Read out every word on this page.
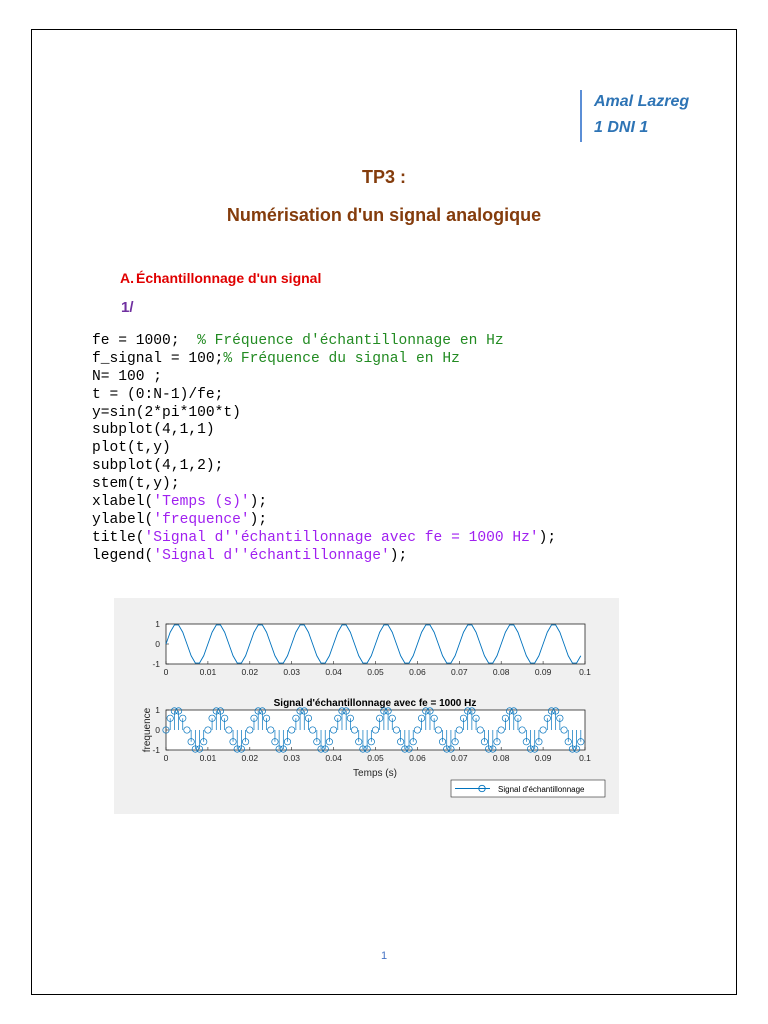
Amal Lazreg
1 DNI 1
TP3 :
Numérisation d'un signal analogique
A. Échantillonnage d'un signal
1/
fe = 1000;  % Fréquence d'échantillonnage en Hz
f_signal = 100;% Fréquence du signal en Hz
N= 100 ;
t = (0:N-1)/fe;
y=sin(2*pi*100*t)
subplot(4,1,1)
plot(t,y)
subplot(4,1,2);
stem(t,y);
xlabel('Temps (s)');
ylabel('frequence');
title('Signal d''échantillonnage avec fe = 1000 Hz');
legend('Signal d''échantillonnage');
0	0.01	0.02	0.03	0.04	0.05	0.06	0.07	0.08	0.09	0.1
-1
0
1
Signal d'échantillonnage avec fe = 1000 Hz
0	0.01	0.02	0.03	0.04	0.05	0.06	0.07	0.08	0.09	0.1
-1
0
1
Temps (s)
frequence
Signal d'échantillonnage
1
